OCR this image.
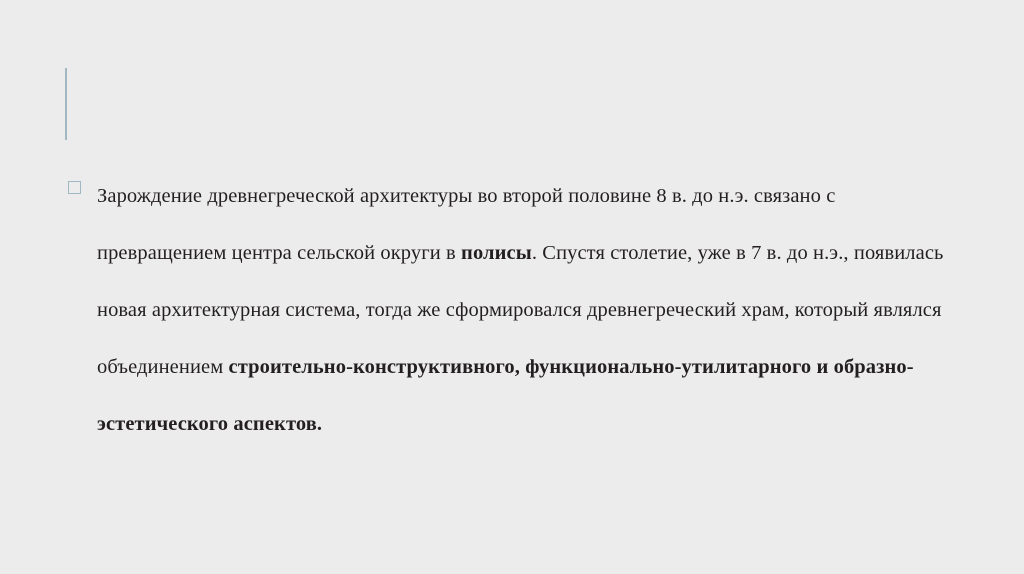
Зарождение древнегреческой архитектуры во второй половине 8 в. до н.э. связано с превращением центра сельской округи в полисы. Спустя столетие, уже в 7 в. до н.э., появилась новая архитектурная система, тогда же сформировался древнегреческий храм, который являлся объединением строительно-конструктивного, функционально-утилитарного и образно-эстетического аспектов.
